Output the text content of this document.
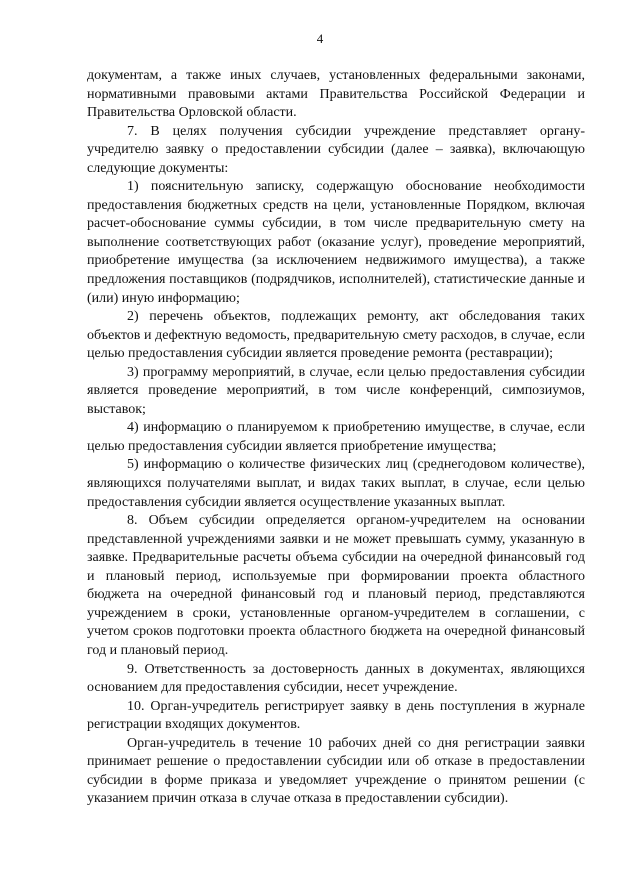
4

документам, а также иных случаев, установленных федеральными законами, нормативными правовыми актами Правительства Российской Федерации и Правительства Орловской области.

7. В целях получения субсидии учреждение представляет органу-учредителю заявку о предоставлении субсидии (далее – заявка), включающую следующие документы:

1) пояснительную записку, содержащую обоснование необходимости предоставления бюджетных средств на цели, установленные Порядком, включая расчет-обоснование суммы субсидии, в том числе предварительную смету на выполнение соответствующих работ (оказание услуг), проведение мероприятий, приобретение имущества (за исключением недвижимого имущества), а также предложения поставщиков (подрядчиков, исполнителей), статистические данные и (или) иную информацию;

2) перечень объектов, подлежащих ремонту, акт обследования таких объектов и дефектную ведомость, предварительную смету расходов, в случае, если целью предоставления субсидии является проведение ремонта (реставрации);

3) программу мероприятий, в случае, если целью предоставления субсидии является проведение мероприятий, в том числе конференций, симпозиумов, выставок;

4) информацию о планируемом к приобретению имуществе, в случае, если целью предоставления субсидии является приобретение имущества;

5) информацию о количестве физических лиц (среднегодовом количестве), являющихся получателями выплат, и видах таких выплат, в случае, если целью предоставления субсидии является осуществление указанных выплат.

8. Объем субсидии определяется органом-учредителем на основании представленной учреждениями заявки и не может превышать сумму, указанную в заявке. Предварительные расчеты объема субсидии на очередной финансовый год и плановый период, используемые при формировании проекта областного бюджета на очередной финансовый год и плановый период, представляются учреждением в сроки, установленные органом-учредителем в соглашении, с учетом сроков подготовки проекта областного бюджета на очередной финансовый год и плановый период.

9. Ответственность за достоверность данных в документах, являющихся основанием для предоставления субсидии, несет учреждение.

10. Орган-учредитель регистрирует заявку в день поступления в журнале регистрации входящих документов.

Орган-учредитель в течение 10 рабочих дней со дня регистрации заявки принимает решение о предоставлении субсидии или об отказе в предоставлении субсидии в форме приказа и уведомляет учреждение о принятом решении (с указанием причин отказа в случае отказа в предоставлении субсидии).
